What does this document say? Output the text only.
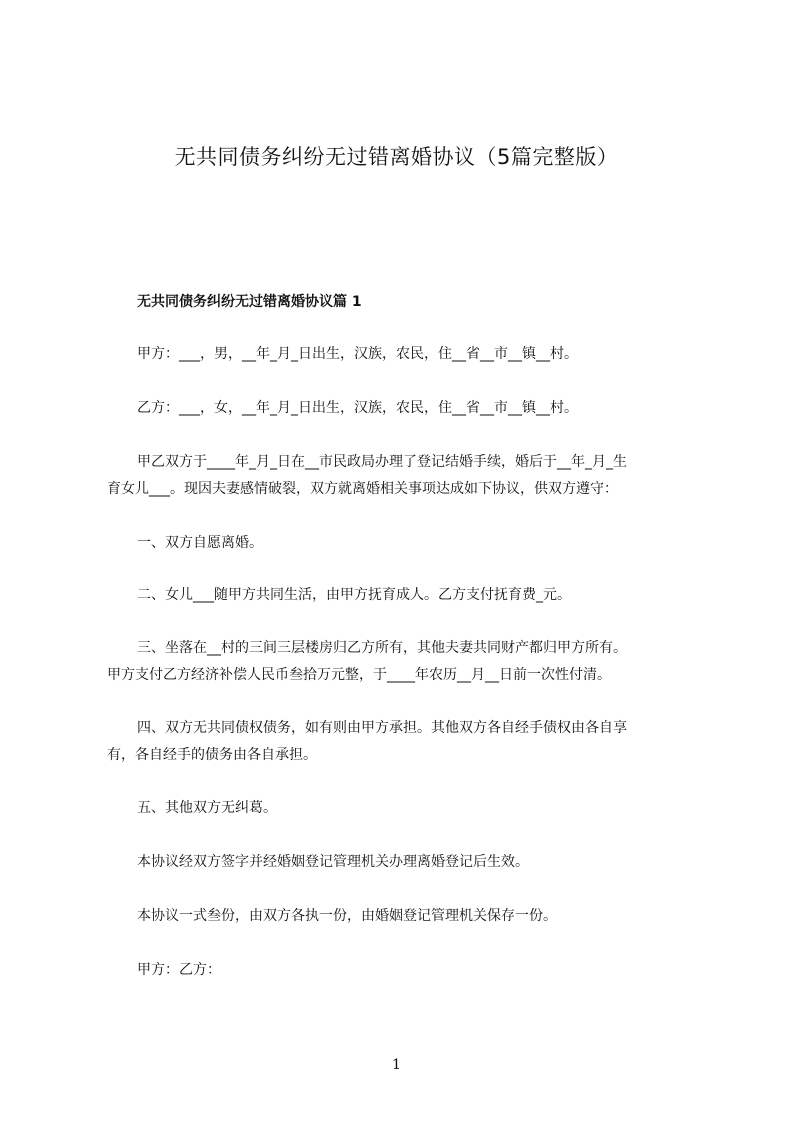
无共同债务纠纷无过错离婚协议（5篇完整版）
无共同债务纠纷无过错离婚协议篇 1
甲方：___，男，__年_月_日出生，汉族，农民，住__省__市__镇__村。
乙方：___，女，__年_月_日出生，汉族，农民，住__省__市__镇__村。
甲乙双方于____年_月_日在__市民政局办理了登记结婚手续，婚后于__年_月_生
育女儿___。现因夫妻感情破裂，双方就离婚相关事项达成如下协议，供双方遵守：
一、双方自愿离婚。
二、女儿___随甲方共同生活，由甲方抚育成人。乙方支付抚育费_元。
三、坐落在__村的三间三层楼房归乙方所有，其他夫妻共同财产都归甲方所有。
甲方支付乙方经济补偿人民币叁拾万元整，于____年农历__月__日前一次性付清。
四、双方无共同债权债务，如有则由甲方承担。其他双方各自经手债权由各自享
有，各自经手的债务由各自承担。
五、其他双方无纠葛。
本协议经双方签字并经婚姻登记管理机关办理离婚登记后生效。
本协议一式叁份，由双方各执一份，由婚姻登记管理机关保存一份。
甲方：乙方：
1
